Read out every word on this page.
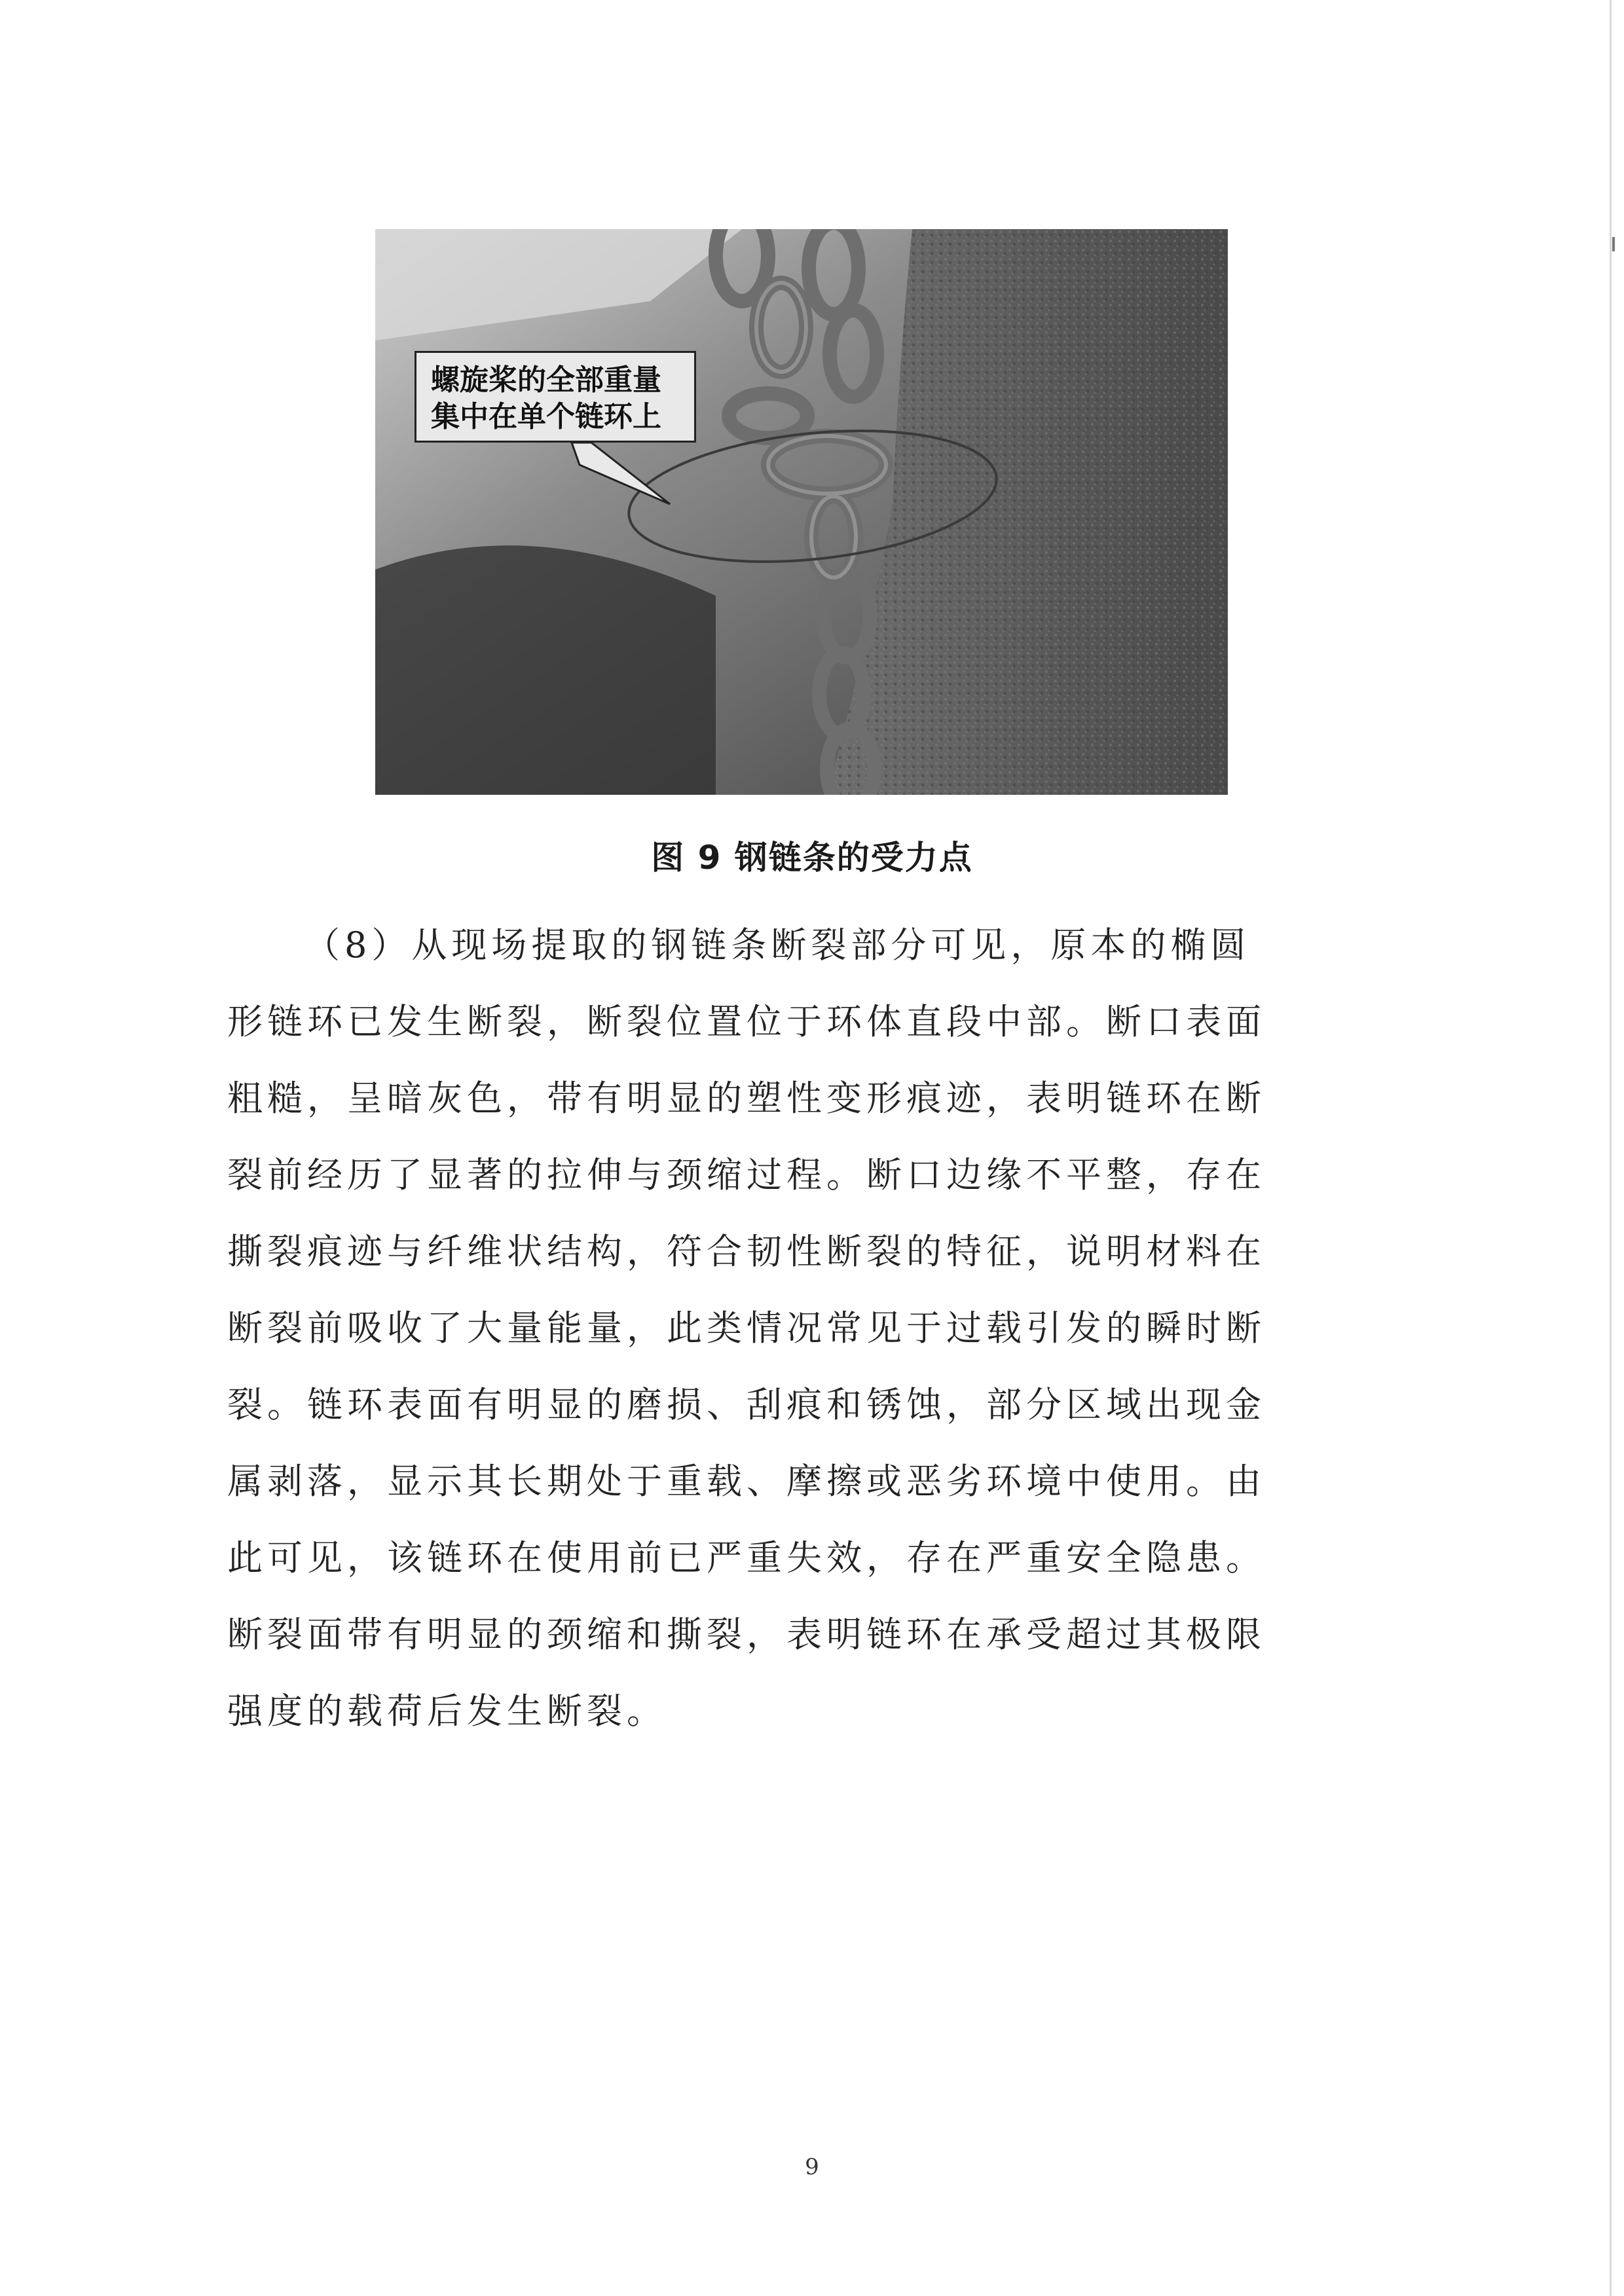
螺旋桨的全部重量
集中在单个链环上
图 9 钢链条的受力点
（8）从现场提取的钢链条断裂部分可见，原本的椭圆
形链环已发生断裂，断裂位置位于环体直段中部。断口表面
粗糙，呈暗灰色，带有明显的塑性变形痕迹，表明链环在断
裂前经历了显著的拉伸与颈缩过程。断口边缘不平整，存在
撕裂痕迹与纤维状结构，符合韧性断裂的特征，说明材料在
断裂前吸收了大量能量，此类情况常见于过载引发的瞬时断
裂。链环表面有明显的磨损、刮痕和锈蚀，部分区域出现金
属剥落，显示其长期处于重载、摩擦或恶劣环境中使用。由
此可见，该链环在使用前已严重失效，存在严重安全隐患。
断裂面带有明显的颈缩和撕裂，表明链环在承受超过其极限
强度的载荷后发生断裂。
9
